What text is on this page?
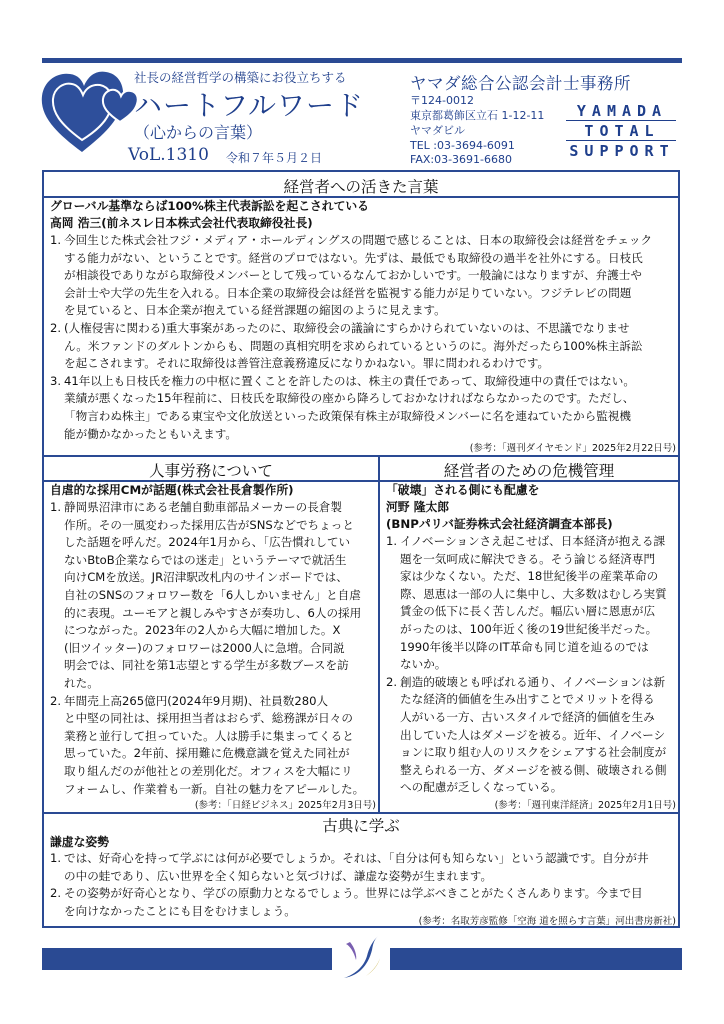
社長の経営哲学の構築にお役立ちする
ハートフルワード
（心からの言葉）
VoL.1310 令和７年５月２日
ヤマダ総合公認会計士事務所
〒124-0012
東京都葛飾区立石 1-12-11
ヤマダビル
TEL :03-3694-6091
FAX:03-3691-6680
YAMADA
TOTAL
SUPPORT
経営者への活きた言葉
グローバル基準ならば100%株主代表訴訟を起こされている
高岡 浩三(前ネスレ日本株式会社代表取締役社長)
1. 今回生じた株式会社フジ・メディア・ホールディングスの問題で感じることは、日本の取締役会は経営をチェック
する能力がない、ということです。経営のプロではない。先ずは、最低でも取締役の過半を社外にする。日枝氏
が相談役でありながら取締役メンバーとして残っているなんておかしいです。一般論にはなりますが、弁護士や
会計士や大学の先生を入れる。日本企業の取締役会は経営を監視する能力が足りていない。フジテレビの問題
を見ていると、日本企業が抱えている経営課題の縮図のように見えます。
2. (人権侵害に関わる)重大事案があったのに、取締役会の議論にすらかけられていないのは、不思議でなりませ
ん。米ファンドのダルトンからも、問題の真相究明を求められているというのに。海外だったら100%株主訴訟
を起こされます。それに取締役は善管注意義務違反になりかねない。罪に問われるわけです。
3. 41年以上も日枝氏を権力の中枢に置くことを許したのは、株主の責任であって、取締役連中の責任ではない。
業績が悪くなった15年程前に、日枝氏を取締役の座から降ろしておかなければならなかったのです。ただし、
「物言わぬ株主」である東宝や文化放送といった政策保有株主が取締役メンバーに名を連ねていたから監視機
能が働かなかったともいえます。
(参考：「週刊ダイヤモンド」2025年2月22日号)
人事労務について
自虐的な採用CMが話題(株式会社長倉製作所)
1. 静岡県沼津市にある老舗自動車部品メーカーの長倉製
作所。その一風変わった採用広告がSNSなどでちょっと
した話題を呼んだ。2024年1月から、「広告慣れしてい
ないBtoB企業ならではの迷走」というテーマで就活生
向けCMを放送。JR沼津駅改札内のサインボードでは、
自社のSNSのフォロワー数を「6人しかいません」と自虐
的に表現。ユーモアと親しみやすさが奏功し、6人の採用
につながった。2023年の2人から大幅に増加した。X
(旧ツイッター)のフォロワーは2000人に急増。合同説
明会では、同社を第1志望とする学生が多数ブースを訪
れた。
2. 年間売上高265億円(2024年9月期)、社員数280人
と中堅の同社は、採用担当者はおらず、総務課が日々の
業務と並行して担っていた。人は勝手に集まってくると
思っていた。2年前、採用難に危機意識を覚えた同社が
取り組んだのが他社との差別化だ。オフィスを大幅にリ
フォームし、作業着も一新。自社の魅力をアピールした。
(参考：「日経ビジネス」2025年2月3日号)
経営者のための危機管理
「破壊」される側にも配慮を
河野 隆太郎
(BNPパリバ証券株式会社経済調査本部長)
1. イノベーションさえ起こせば、日本経済が抱える課
題を一気呵成に解決できる。そう論じる経済専門
家は少なくない。ただ、18世紀後半の産業革命の
際、恩恵は一部の人に集中し、大多数はむしろ実質
賃金の低下に長く苦しんだ。幅広い層に恩恵が広
がったのは、100年近く後の19世紀後半だった。
1990年後半以降のIT革命も同じ道を辿るのでは
ないか。
2. 創造的破壊とも呼ばれる通り、イノベーションは新
たな経済的価値を生み出すことでメリットを得る
人がいる一方、古いスタイルで経済的価値を生み
出していた人はダメージを被る。近年、イノベーシ
ョンに取り組む人のリスクをシェアする社会制度が
整えられる一方、ダメージを被る側、破壊される側
への配慮が乏しくなっている。
(参考：「週刊東洋経済」2025年2月1日号)
古典に学ぶ
謙虚な姿勢
1. では、好奇心を持って学ぶには何が必要でしょうか。それは、「自分は何も知らない」という認識です。自分が井
の中の蛙であり、広い世界を全く知らないと気づけば、謙虚な姿勢が生まれます。
2. その姿勢が好奇心となり、学びの原動力となるでしょう。世界には学ぶべきことがたくさんあります。今まで目
を向けなかったことにも目をむけましょう。
(参考：名取芳彦監修「空海 道を照らす言葉」河出書房新社)
